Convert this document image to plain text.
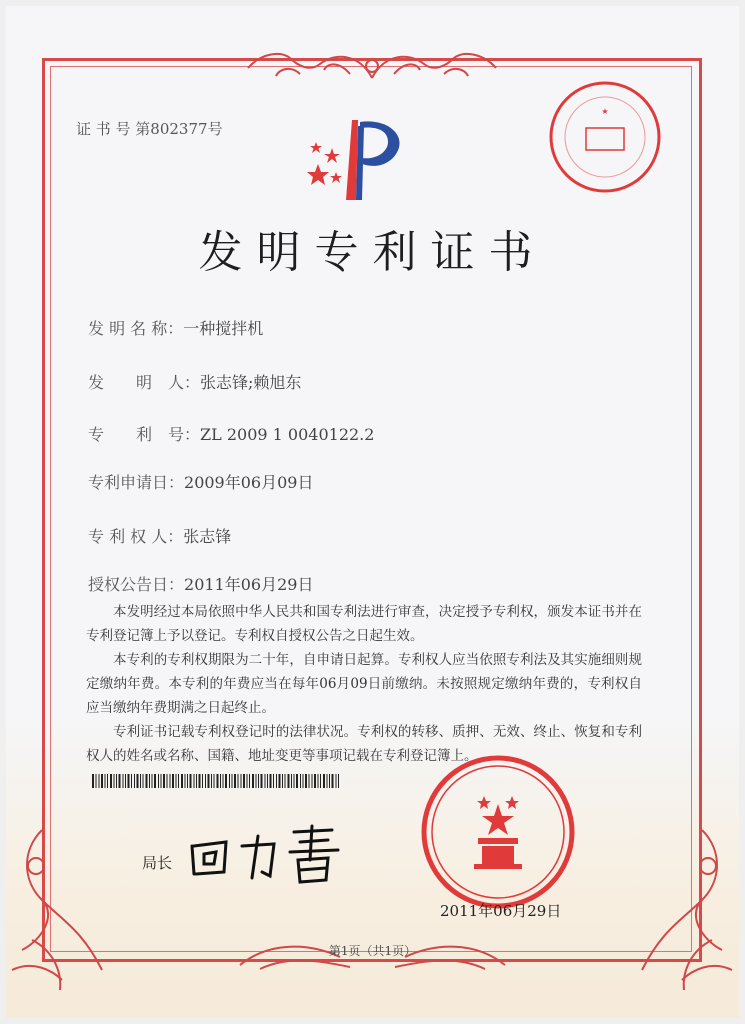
证 书 号 第802377号
★
发明专利证书
发 明 名 称：一种搅拌机
发　　明　人：张志锋;赖旭东
专　　利　号：ZL 2009 1 0040122.2
专利申请日：2009年06月09日
专 利 权 人：张志锋
授权公告日：2011年06月29日

本发明经过本局依照中华人民共和国专利法进行审查，决定授予专利权，颁发本证书并在专利登记簿上予以登记。专利权自授权公告之日起生效。

本专利的专利权期限为二十年，自申请日起算。专利权人应当依照专利法及其实施细则规定缴纳年费。本专利的年费应当在每年06月09日前缴纳。未按照规定缴纳年费的，专利权自应当缴纳年费期满之日起终止。

专利证书记载专利权登记时的法律状况。专利权的转移、质押、无效、终止、恢复和专利权人的姓名或名称、国籍、地址变更等事项记载在专利登记簿上。

局长
2011年06月29日
第1页（共1页）
